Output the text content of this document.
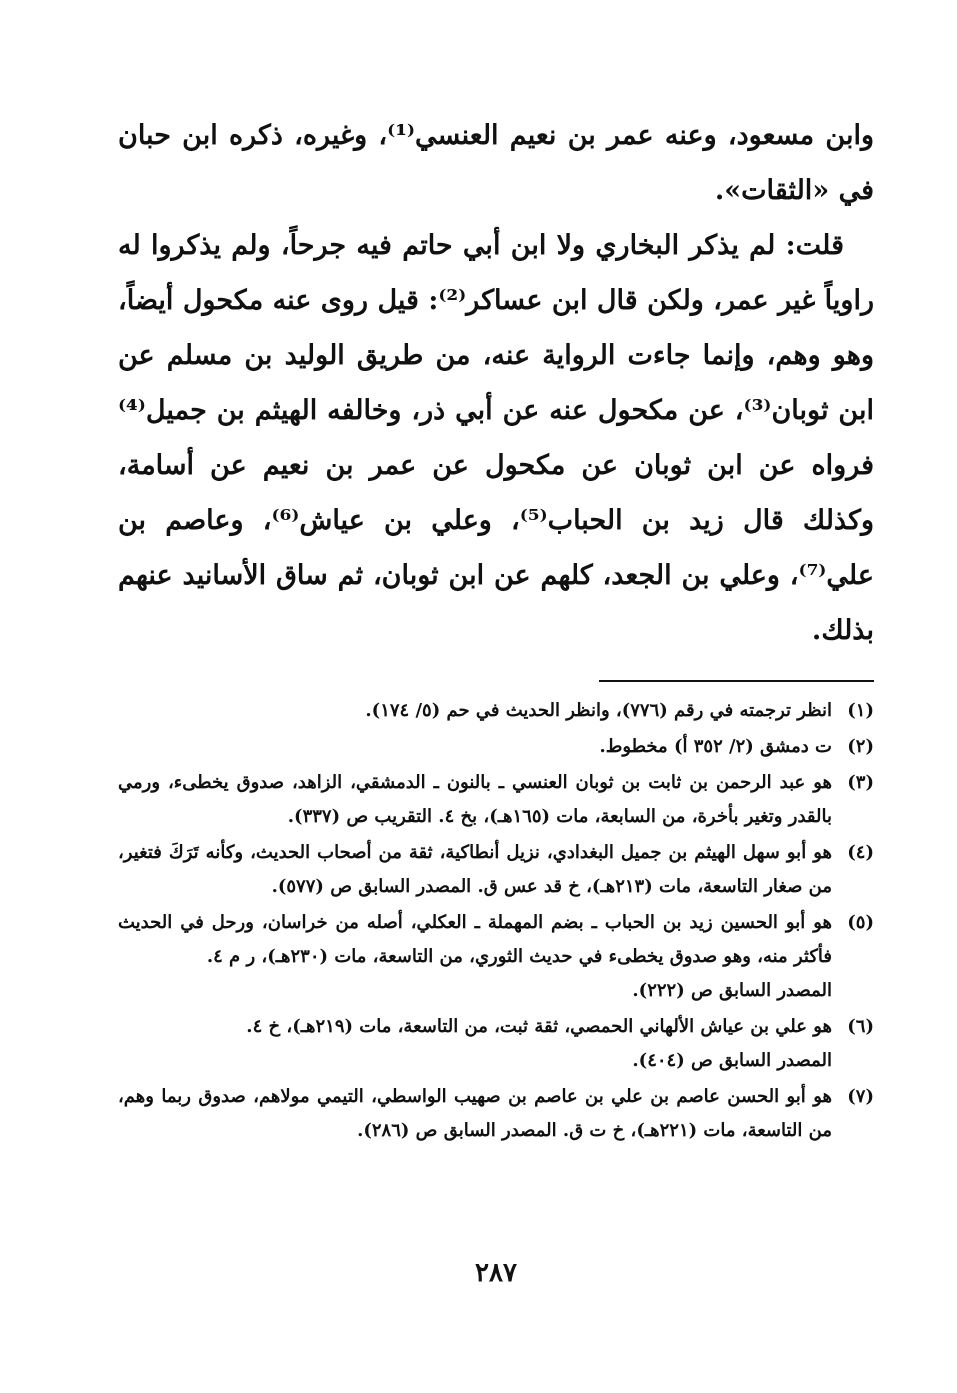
وابن مسعود، وعنه عمر بن نعيم العنسي⁽¹⁾، وغيره، ذكره ابن حبان في «الثقات».

قلت: لم يذكر البخاري ولا ابن أبي حاتم فيه جرحاً، ولم يذكروا له راوياً غير عمر، ولكن قال ابن عساكر⁽²⁾: قيل روى عنه مكحول أيضاً، وهو وهم، وإنما جاءت الرواية عنه، من طريق الوليد بن مسلم عن ابن ثوبان⁽³⁾، عن مكحول عنه عن أبي ذر، وخالفه الهيثم بن جميل⁽⁴⁾ فرواه عن ابن ثوبان عن مكحول عن عمر بن نعيم عن أسامة، وكذلك قال زيد بن الحباب⁽⁵⁾، وعلي بن عياش⁽⁶⁾، وعاصم بن علي⁽⁷⁾، وعلي بن الجعد، كلهم عن ابن ثوبان، ثم ساق الأسانيد عنهم بذلك.

(١)
انظر ترجمته في رقم (٧٧٦)، وانظر الحديث في حم (٥/ ١٧٤).
(٢)
ت دمشق (٢/ ٣٥٢ أ) مخطوط.
(٣)
هو عبد الرحمن بن ثابت بن ثوبان العنسي ـ بالنون ـ الدمشقي، الزاهد، صدوق يخطىء، ورمي بالقدر وتغير بأخرة، من السابعة، مات (١٦٥هـ)، بخ ٤. التقريب ص (٣٣٧).
(٤)
هو أبو سهل الهيثم بن جميل البغدادي، نزيل أنطاكية، ثقة من أصحاب الحديث، وكأنه تَرَكَ فتغير، من صغار التاسعة، مات (٢١٣هـ)، خ قد عس ق. المصدر السابق ص (٥٧٧).
(٥)
هو أبو الحسين زيد بن الحباب ـ بضم المهملة ـ العكلي، أصله من خراسان، ورحل في الحديث فأكثر منه، وهو صدوق يخطىء في حديث الثوري، من التاسعة، مات (٢٣٠هـ)، ر م ٤.
المصدر السابق ص (٢٢٢).
(٦)
هو علي بن عياش الألهاني الحمصي، ثقة ثبت، من التاسعة، مات (٢١٩هـ)، خ ٤.
المصدر السابق ص (٤٠٤).
(٧)
هو أبو الحسن عاصم بن علي بن عاصم بن صهيب الواسطي، التيمي مولاهم، صدوق ربما وهم، من التاسعة، مات (٢٢١هـ)، خ ت ق. المصدر السابق ص (٢٨٦).
٢٨٧
